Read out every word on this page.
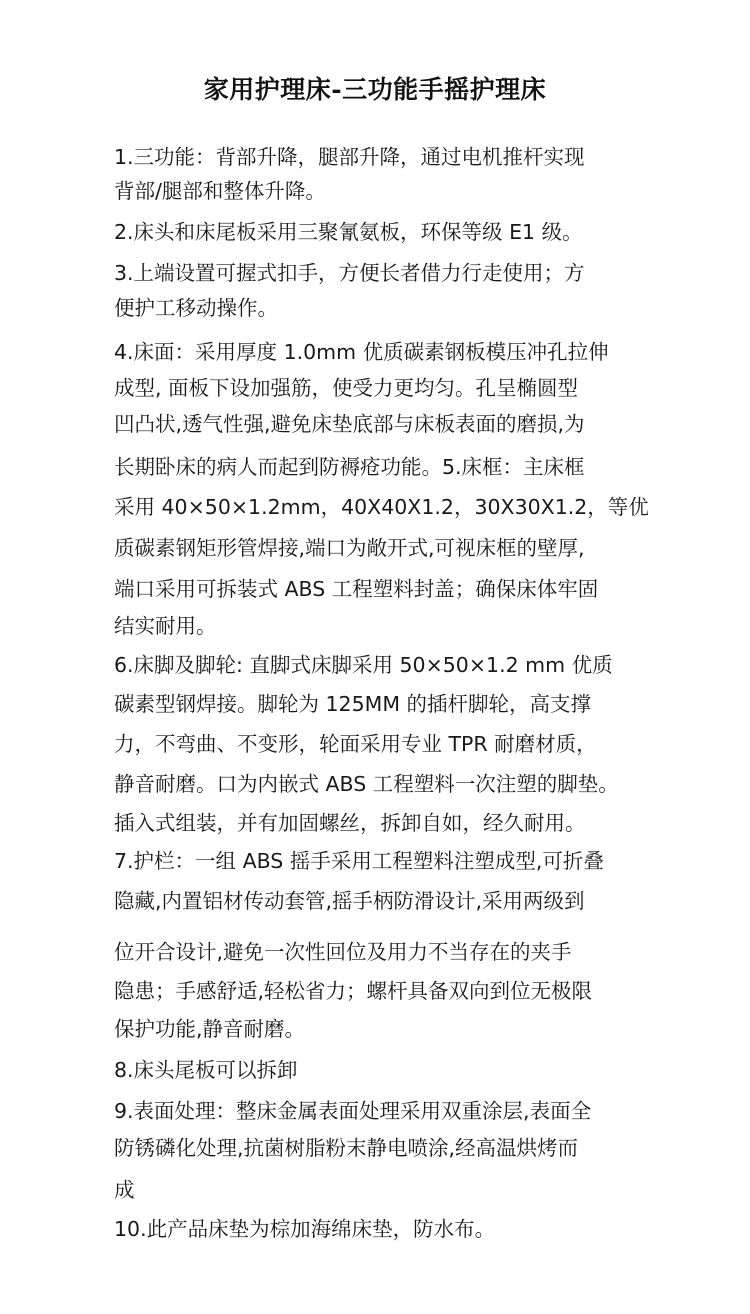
家用护理床-三功能手摇护理床
1.三功能：背部升降，腿部升降，通过电机推杆实现
背部/腿部和整体升降。
2.床头和床尾板采用三聚氰氨板，环保等级 E1 级。
3.上端设置可握式扣手，方便长者借力行走使用；方
便护工移动操作。
4.床面：采用厚度 1.0mm 优质碳素钢板模压冲孔拉伸
成型, 面板下设加强筋，使受力更均匀。孔呈椭圆型
凹凸状,透气性强,避免床垫底部与床板表面的磨损,为
长期卧床的病人而起到防褥疮功能。5.床框：主床框
采用 40×50×1.2mm，40X40X1.2，30X30X1.2，等优
质碳素钢矩形管焊接,端口为敞开式,可视床框的壁厚,
端口采用可拆装式 ABS 工程塑料封盖；确保床体牢固
结实耐用。
6.床脚及脚轮: 直脚式床脚采用 50×50×1.2 mm 优质
碳素型钢焊接。脚轮为 125MM 的插杆脚轮，高支撑
力，不弯曲、不变形，轮面采用专业 TPR 耐磨材质，
静音耐磨。口为内嵌式 ABS 工程塑料一次注塑的脚垫。
插入式组装，并有加固螺丝，拆卸自如，经久耐用。
7.护栏：一组 ABS 摇手采用工程塑料注塑成型,可折叠
隐藏,内置铝材传动套管,摇手柄防滑设计,采用两级到
位开合设计,避免一次性回位及用力不当存在的夹手
隐患；手感舒适,轻松省力；螺杆具备双向到位无极限
保护功能,静音耐磨。
8.床头尾板可以拆卸
9.表面处理：整床金属表面处理采用双重涂层,表面全
防锈磷化处理,抗菌树脂粉末静电喷涂,经高温烘烤而
成
10.此产品床垫为棕加海绵床垫，防水布。
